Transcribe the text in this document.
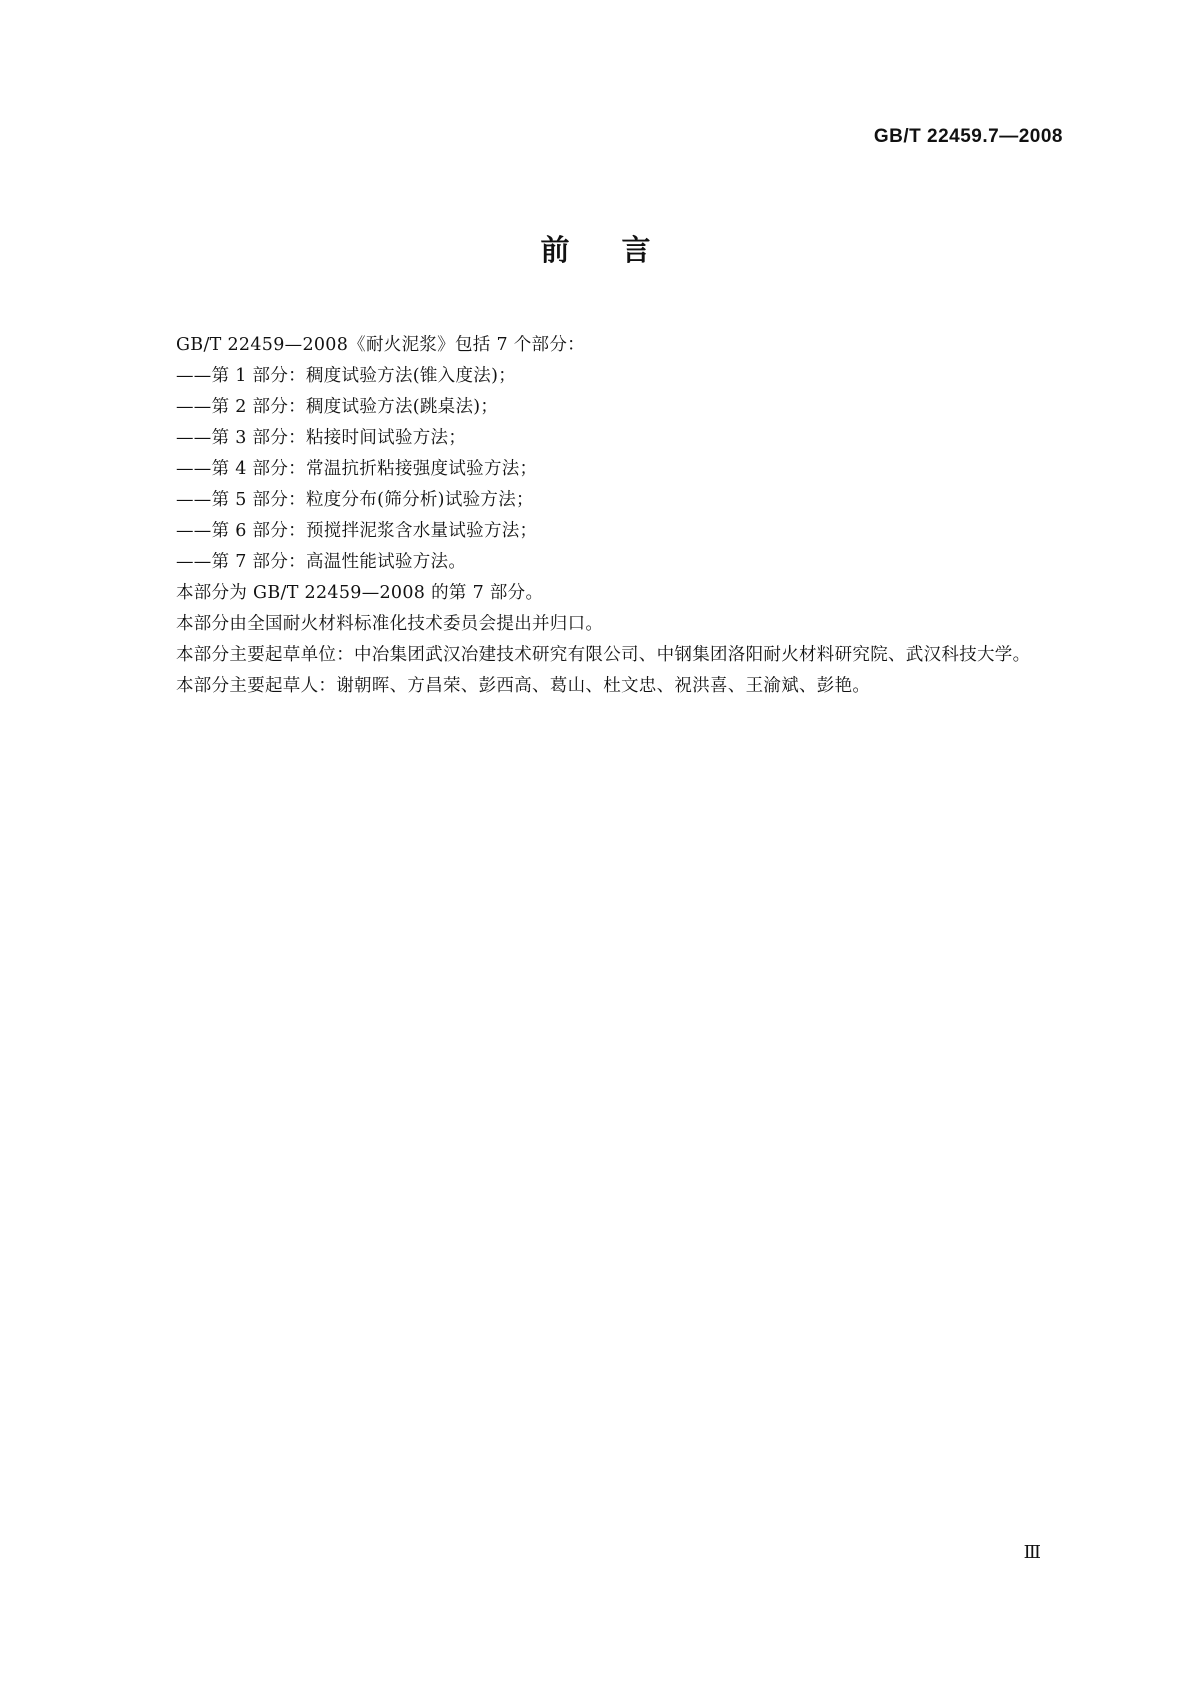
GB/T 22459.7—2008
前言

GB/T 22459—2008《耐火泥浆》包括 7 个部分：

——第 1 部分：稠度试验方法(锥入度法)；

——第 2 部分：稠度试验方法(跳桌法)；

——第 3 部分：粘接时间试验方法；

——第 4 部分：常温抗折粘接强度试验方法；

——第 5 部分：粒度分布(筛分析)试验方法；

——第 6 部分：预搅拌泥浆含水量试验方法；

——第 7 部分：高温性能试验方法。

本部分为 GB/T 22459—2008 的第 7 部分。

本部分由全国耐火材料标准化技术委员会提出并归口。

本部分主要起草单位：中冶集团武汉冶建技术研究有限公司、中钢集团洛阳耐火材料研究院、武汉科技大学。

本部分主要起草人：谢朝晖、方昌荣、彭西高、葛山、杜文忠、祝洪喜、王渝斌、彭艳。

Ⅲ
